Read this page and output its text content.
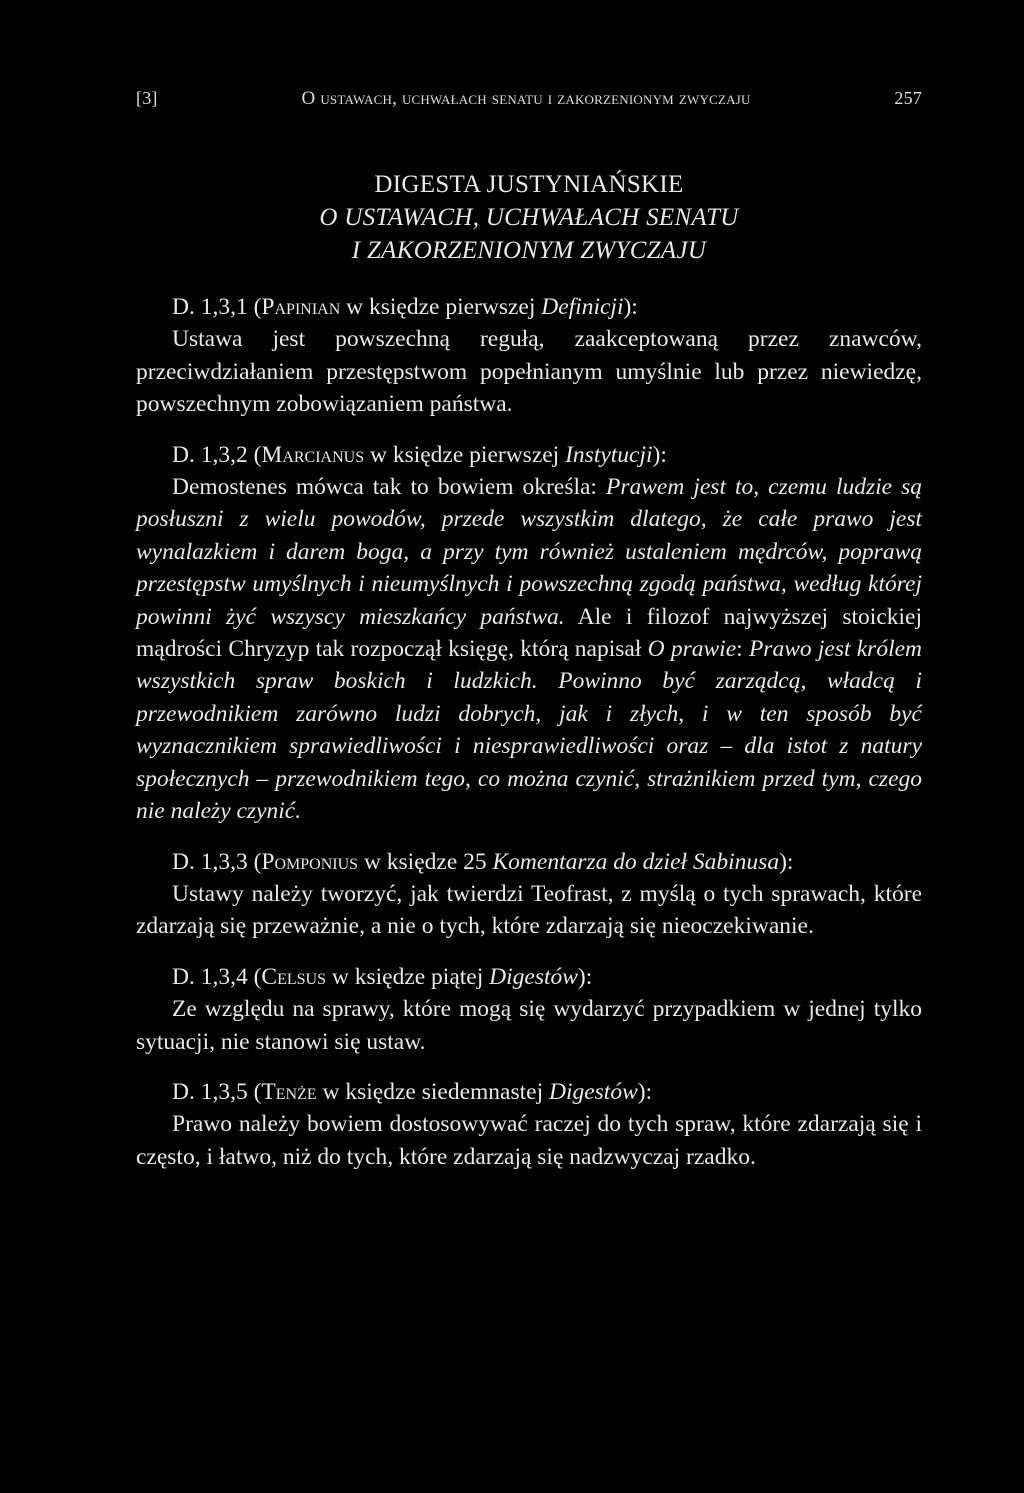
[3]	O ustawach, uchwałach senatu i zakorzenionym zwyczaju	257
DIGESTA JUSTYNIAŃSKIE
O USTAWACH, UCHWAŁACH SENATU
I ZAKORZENIONYM ZWYCZAJU
D. 1,3,1 (Papinian w księdze pierwszej Definicji):
Ustawa jest powszechną regułą, zaakceptowaną przez znawców, przeciwdziałaniem przestępstwom popełnianym umyślnie lub przez niewiedzę, powszechnym zobowiązaniem państwa.
D. 1,3,2 (Marcianus w księdze pierwszej Instytucji):
Demostenes mówca tak to bowiem określa: Prawem jest to, czemu ludzie są posłuszni z wielu powodów, przede wszystkim dlatego, że całe prawo jest wynalazkiem i darem boga, a przy tym również ustaleniem mędrców, poprawą przestępstw umyślnych i nieumyślnych i powszechną zgodą państwa, według której powinni żyć wszyscy mieszkańcy państwa. Ale i filozof najwyższej stoickiej mądrości Chryzyp tak rozpoczął księgę, którą napisał O prawie: Prawo jest królem wszystkich spraw boskich i ludzkich. Powinno być zarządcą, władcą i przewodnikiem zarówno ludzi dobrych, jak i złych, i w ten sposób być wyznacznikiem sprawiedliwości i niesprawiedliwości oraz – dla istot z natury społecznych – przewodnikiem tego, co można czynić, strażnikiem przed tym, czego nie należy czynić.
D. 1,3,3 (Pomponius w księdze 25 Komentarza do dzieł Sabinusa):
Ustawy należy tworzyć, jak twierdzi Teofrast, z myślą o tych sprawach, które zdarzają się przeważnie, a nie o tych, które zdarzają się nieoczekiwanie.
D. 1,3,4 (Celsus w księdze piątej Digestów):
Ze względu na sprawy, które mogą się wydarzyć przypadkiem w jednej tylko sytuacji, nie stanowi się ustaw.
D. 1,3,5 (Tenże w księdze siedemnastej Digestów):
Prawo należy bowiem dostosowywać raczej do tych spraw, które zdarzają się i często, i łatwo, niż do tych, które zdarzają się nadzwyczaj rzadko.
